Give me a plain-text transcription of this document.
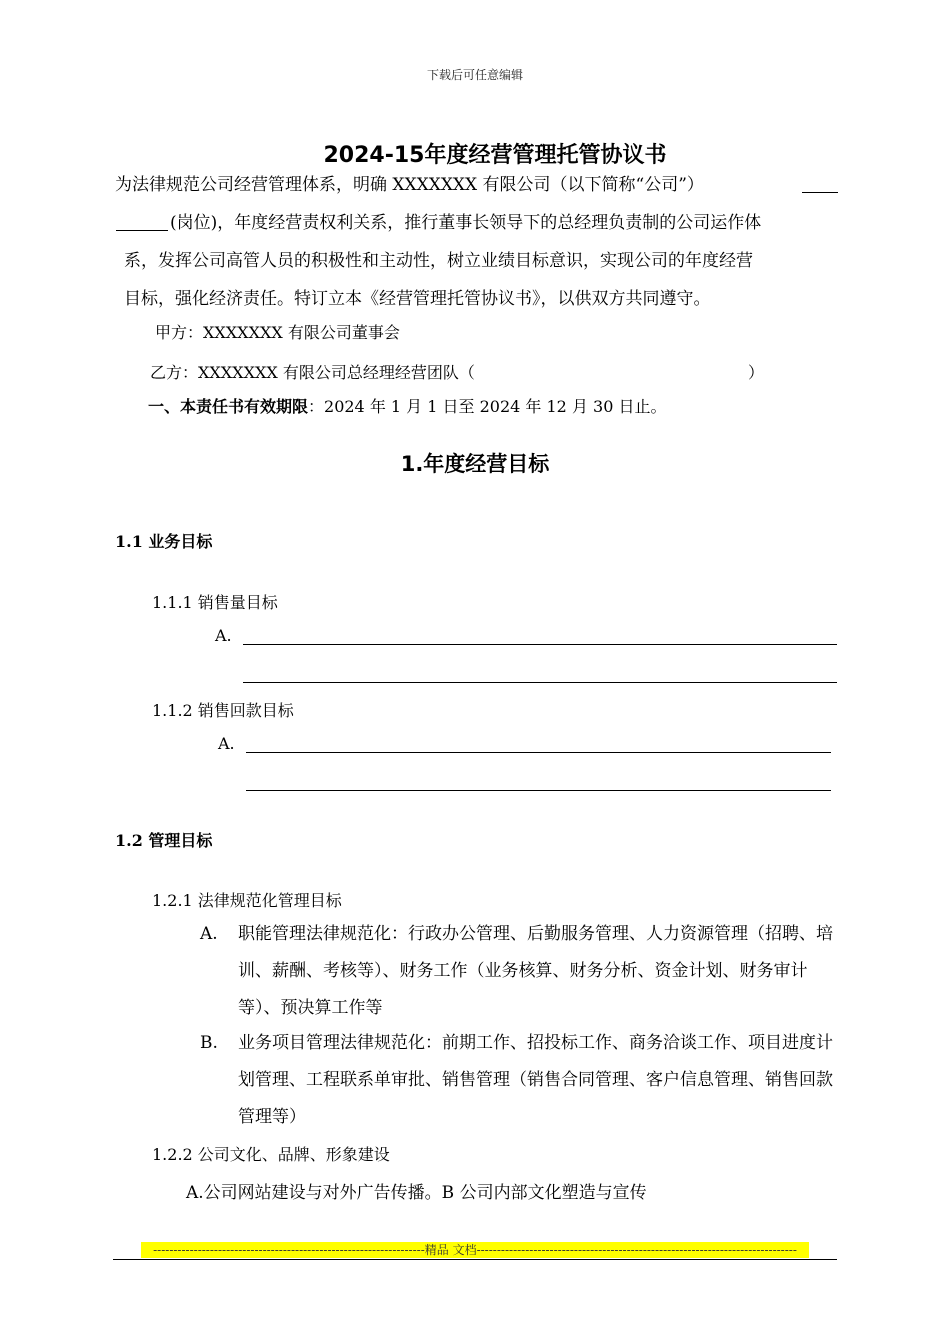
下载后可任意编辑
2024-15年度经营管理托管协议书
为法律规范公司经营管理体系，明确 XXXXXXX 有限公司（以下简称“公司”）
(岗位)，年度经营责权利关系，推行董事长领导下的总经理负责制的公司运作体
系，发挥公司高管人员的积极性和主动性，树立业绩目标意识，实现公司的年度经营
目标，强化经济责任。特订立本《经营管理托管协议书》，以供双方共同遵守。
甲方：XXXXXXX 有限公司董事会
乙方：XXXXXXX 有限公司总经理经营团队（	）
一、本责任书有效期限：2024 年 1 月 1 日至 2024 年 12 月 30 日止。
1.年度经营目标
1.1 业务目标
1.1.1 销售量目标
A.
1.1.2 销售回款目标
A.
1.2 管理目标
1.2.1 法律规范化管理目标
A. 职能管理法律规范化：行政办公管理、后勤服务管理、人力资源管理（招聘、培训、薪酬、考核等）、财务工作（业务核算、财务分析、资金计划、财务审计等）、预决算工作等
B. 业务项目管理法律规范化：前期工作、招投标工作、商务洽谈工作、项目进度计划管理、工程联系单审批、销售管理（销售合同管理、客户信息管理、销售回款管理等）
1.2.2 公司文化、品牌、形象建设
A.公司网站建设与对外广告传播。B 公司内部文化塑造与宣传
-------------------------------------------------------------------精品 文档-------------------------------------------------------------------------------
